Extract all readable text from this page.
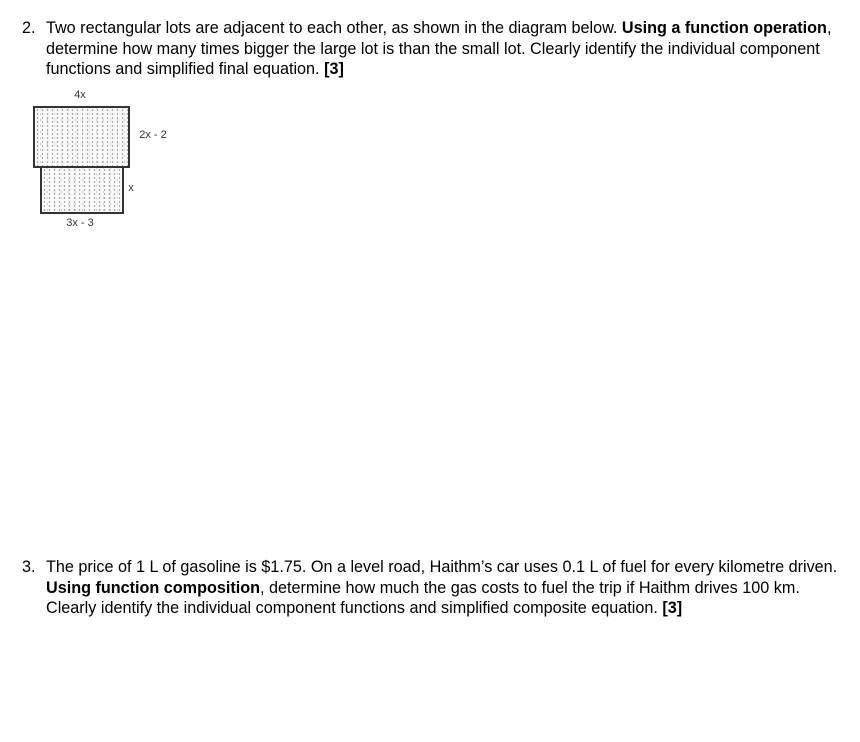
2. Two rectangular lots are adjacent to each other, as shown in the diagram below. Using a function operation, determine how many times bigger the large lot is than the small lot. Clearly identify the individual component functions and simplified final equation. [3]
4x
2x - 2
x
3x - 3
3. The price of 1 L of gasoline is $1.75. On a level road, Haithm’s car uses 0.1 L of fuel for every kilometre driven. Using function composition, determine how much the gas costs to fuel the trip if Haithm drives 100 km. Clearly identify the individual component functions and simplified composite equation. [3]
